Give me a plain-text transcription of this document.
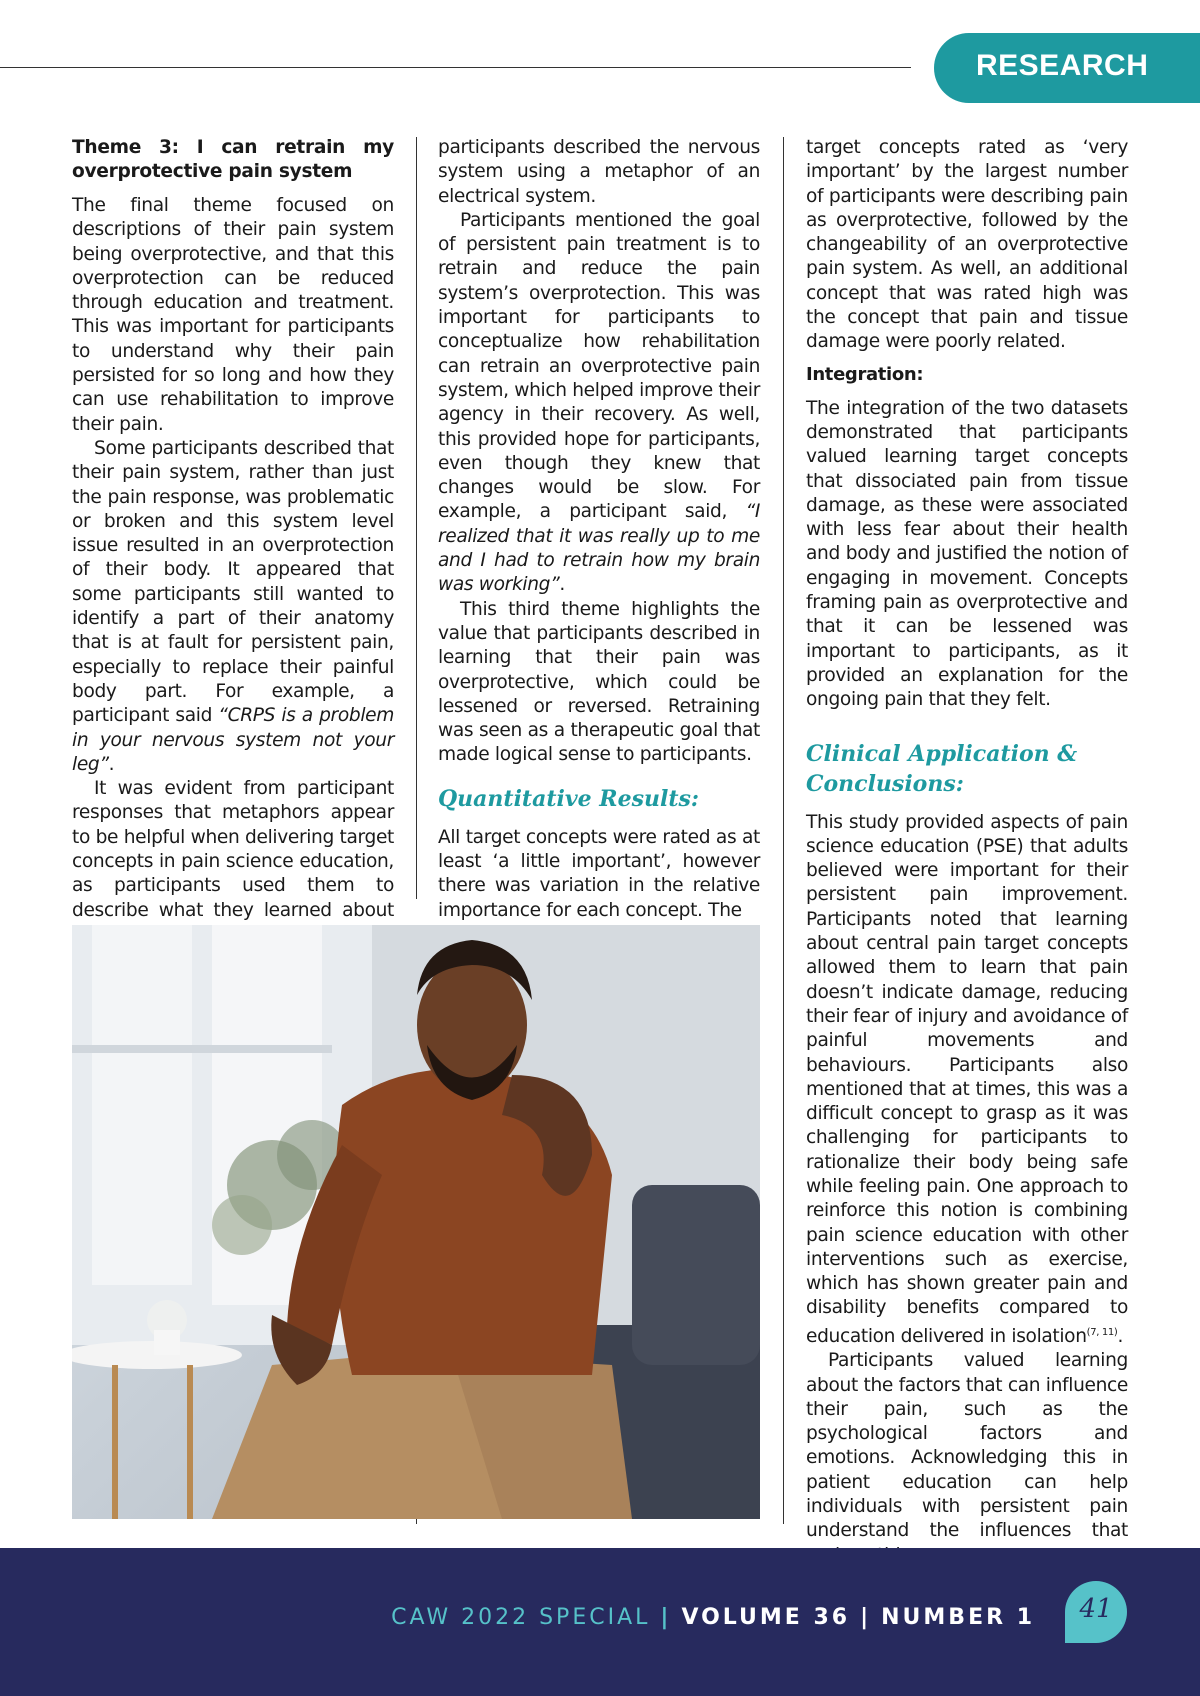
RESEARCH
Theme 3: I can retrain my overprotective pain system

The final theme focused on descriptions of their pain system being overprotective, and that this overprotection can be reduced through education and treatment. This was important for participants to understand why their pain persisted for so long and how they can use rehabilitation to improve their pain.

Some participants described that their pain system, rather than just the pain response, was problematic or broken and this system level issue resulted in an overprotection of their body. It appeared that some participants still wanted to identify a part of their anatomy that is at fault for persistent pain, especially to replace their painful body part. For example, a participant said “CRPS is a problem in your nervous system not your leg”.

It was evident from participant responses that metaphors appear to be helpful when delivering target concepts in pain science education, as participants used them to describe what they learned about

participants described the nervous system using a metaphor of an electrical system.

Participants mentioned the goal of persistent pain treatment is to retrain and reduce the pain system’s overprotection. This was important for participants to conceptualize how rehabilitation can retrain an overprotective pain system, which helped improve their agency in their recovery. As well, this provided hope for participants, even though they knew that changes would be slow. For example, a participant said, “I realized that it was really up to me and I had to retrain how my brain was working”.

This third theme highlights the value that participants described in learning that their pain was overprotective, which could be lessened or reversed. Retraining was seen as a therapeutic goal that made logical sense to participants.

Quantitative Results:

All target concepts were rated as at least ‘a little important’, however there was variation in the relative importance for each concept. The

target concepts rated as ‘very important’ by the largest number of participants were describing pain as overprotective, followed by the changeability of an overprotective pain system. As well, an additional concept that was rated high was the concept that pain and tissue damage were poorly related.

Integration:

The integration of the two datasets demonstrated that participants valued learning target concepts that dissociated pain from tissue damage, as these were associated with less fear about their health and body and justified the notion of engaging in movement. Concepts framing pain as overprotective and that it can be lessened was important to participants, as it provided an explanation for the ongoing pain that they felt.

Clinical Application & Conclusions:

This study provided aspects of pain science education (PSE) that adults believed were important for their persistent pain improvement. Participants noted that learning about central pain target concepts allowed them to learn that pain doesn’t indicate damage, reducing their fear of injury and avoidance of painful movements and behaviours. Participants also mentioned that at times, this was a difficult concept to grasp as it was challenging for participants to rationalize their body being safe while feeling pain. One approach to reinforce this notion is combining pain science education with other interventions such as exercise, which has shown greater pain and disability benefits compared to education delivered in isolation$^{(7, 11)}$.

Participants valued learning about the factors that can influence their pain, such as the psychological factors and emotions. Acknowledging this in patient education can help individuals with persistent pain understand the influences that

CAW 2022 SPECIAL | VOLUME 36 | NUMBER 1	41
